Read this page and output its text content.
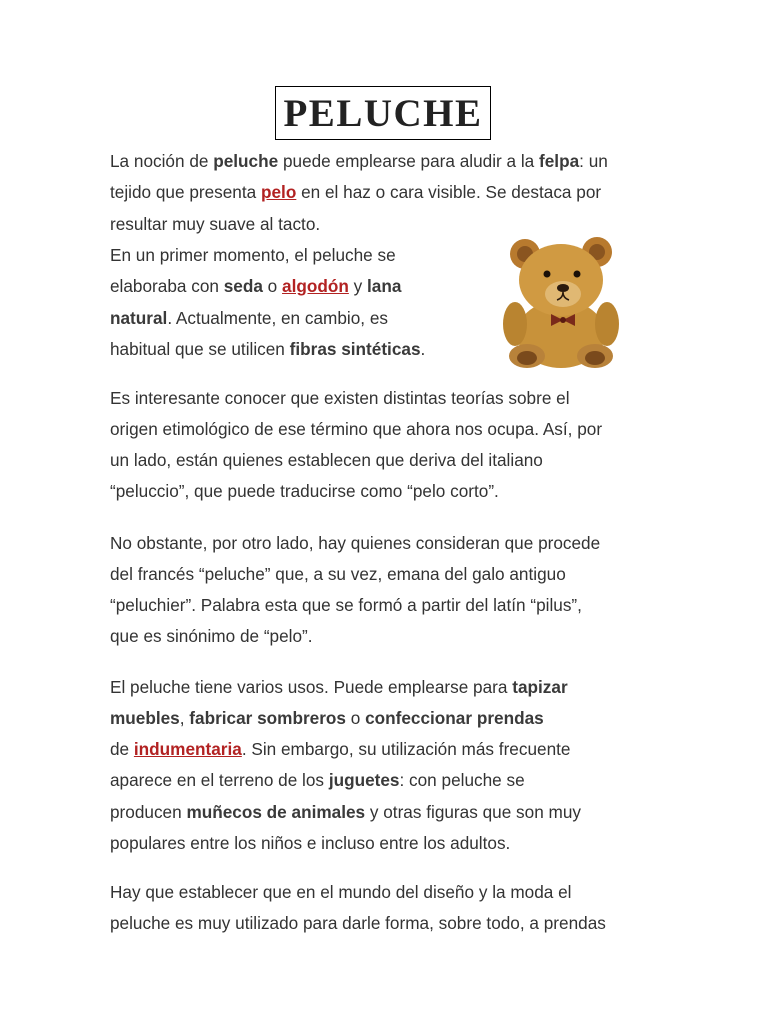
PELUCHE
La noción de peluche puede emplearse para aludir a la felpa: un
tejido que presenta pelo en el haz o cara visible. Se destaca por
resultar muy suave al tacto.
En un primer momento, el peluche se
elaboraba con seda o algodón y lana
natural. Actualmente, en cambio, es
habitual que se utilicen fibras sintéticas.
Es interesante conocer que existen distintas teorías sobre el
origen etimológico de ese término que ahora nos ocupa. Así, por
un lado, están quienes establecen que deriva del italiano
“peluccio”, que puede traducirse como “pelo corto”.
No obstante, por otro lado, hay quienes consideran que procede
del francés “peluche” que, a su vez, emana del galo antiguo
“peluchier”. Palabra esta que se formó a partir del latín “pilus”,
que es sinónimo de “pelo”.
El peluche tiene varios usos. Puede emplearse para tapizar
muebles, fabricar sombreros o confeccionar prendas
de indumentaria. Sin embargo, su utilización más frecuente
aparece en el terreno de los juguetes: con peluche se
producen muñecos de animales y otras figuras que son muy
populares entre los niños e incluso entre los adultos.
Hay que establecer que en el mundo del diseño y la moda el
peluche es muy utilizado para darle forma, sobre todo, a prendas
